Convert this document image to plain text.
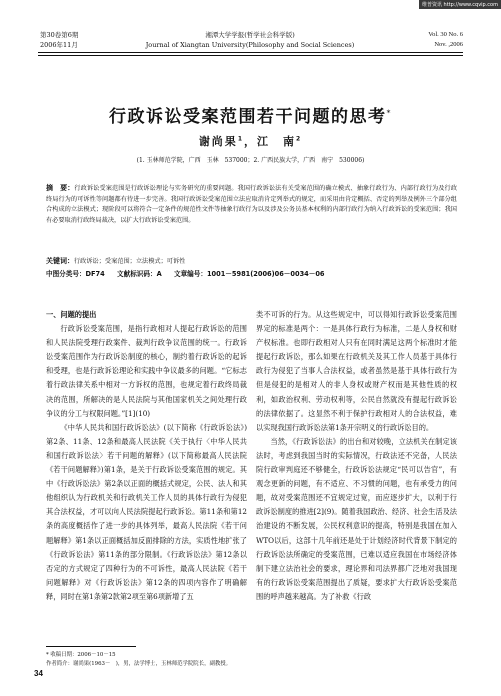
维普资讯 http://www.cqvip.com
第30卷第6期
2006年11月
湘潭大学学报(哲学社会科学版)
Journal of Xiangtan University(Philosophy and Social Sciences)
Vol. 30 No. 6
Nov. ,2006
行政诉讼受案范围若干问题的思考*
谢尚果$^1$，江　南$^2$
(1. 玉林师范学院，广西　玉林　537000；2. 广西民族大学，广西　南宁　530006)
摘　要：行政诉讼受案范围是行政诉讼理论与实务研究的重要问题。我国行政诉讼法有关受案范围的确立模式、抽象行政行为、内部行政行为及行政终局行为的可诉性等问题都有待进一步完善。我国行政诉讼受案范围立法应取消肯定列举式的规定，而采用由肯定概括、否定的列举及例外三个部分组合构成的立法模式；现阶段可以将符合一定条件的规范性文件等抽象行政行为以及涉及公务员基本权利的内部行政行为纳入行政诉讼的受案范围；我国有必要取消行政终局裁决，以扩大行政诉讼受案范围。
关键词：行政诉讼；受案范围；立法模式；可诉性
中图分类号：DF74 文献标识码：A 文章编号：1001－5981(2006)06－0034－06

一、问题的提出

行政诉讼受案范围，是指行政相对人提起行政诉讼的范围和人民法院受理行政案件、裁判行政争议范围的统一。行政诉讼受案范围作为行政诉讼制度的核心，制约着行政诉讼的起诉和受理，也是行政诉讼理论和实践中争议最多的问题。“它标志着行政法律关系中相对一方诉权的范围，也规定着行政终局裁决的范围，所解决的是人民法院与其他国家机关之间处理行政争议的分工与权限问题。”[1](10)

《中华人民共和国行政诉讼法》(以下简称《行政诉讼法》)第2条、11条、12条和最高人民法院《关于执行〈中华人民共和国行政诉讼法〉若干问题的解释》(以下简称最高人民法院《若干问题解释》)第1条，是关于行政诉讼受案范围的规定。其中《行政诉讼法》第2条以正面的概括式规定，公民、法人和其他组织认为行政机关和行政机关工作人员的具体行政行为侵犯其合法权益，才可以向人民法院提起行政诉讼。第11条和第12条的高度概括作了进一步的具体列举，最高人民法院《若干问题解释》第1条以正面概括加反面排除的方法，实质性地扩张了《行政诉讼法》第11条的部分限制。《行政诉讼法》第12条以否定的方式规定了四种行为的不可诉性，最高人民法院《若干问题解释》对《行政诉讼法》第12条的四项内容作了明确解释，同时在第1条第2款第2项至第6项新增了五

类不可诉的行为。从这些规定中，可以得知行政诉讼受案范围界定的标准是两个：一是具体行政行为标准，二是人身权和财产权标准。也即行政相对人只有在同时满足这两个标准时才能提起行政诉讼，那么如果在行政机关及其工作人员基于具体行政行为侵犯了当事人合法权益，或者虽然是基于具体行政行为但是侵犯的是相对人的非人身权或财产权而是其他性质的权利，如政治权利、劳动权利等，公民自然就没有提起行政诉讼的法律依据了。这显然不利于保护行政相对人的合法权益，难以实现我国行政诉讼法第1条开宗明义的行政诉讼目的。

当然，《行政诉讼法》的出台和对较晚，立法机关在制定该法时，考虑到我国当时的实际情况，行政法还不完备，人民法院行政审判庭还不够健全，行政诉讼法规定“民可以告官”，有观念更新的问题，有不适应、不习惯的问题，也有承受力的问题，故对受案范围还不宜规定过宽，而应逐步扩大，以利于行政诉讼制度的推进[2](9)。随着我国政治、经济、社会生活及法治建设的不断发展，公民权利意识的提高，特别是我国在加入WTO以后，这部十几年前还是处于计划经济时代背景下制定的行政诉讼法所确定的受案范围，已难以适应我国在市场经济体制下建立法治社会的要求，理论界和司法界都广泛地对我国现有的行政诉讼受案范围提出了质疑，要求扩大行政诉讼受案范围的呼声越来越高。为了补救《行政

* 收稿日期：2006－10－15
作者简介：谢尚果(1963－　)，男，法学博士，玉林师范学院院长，副教授。
34
